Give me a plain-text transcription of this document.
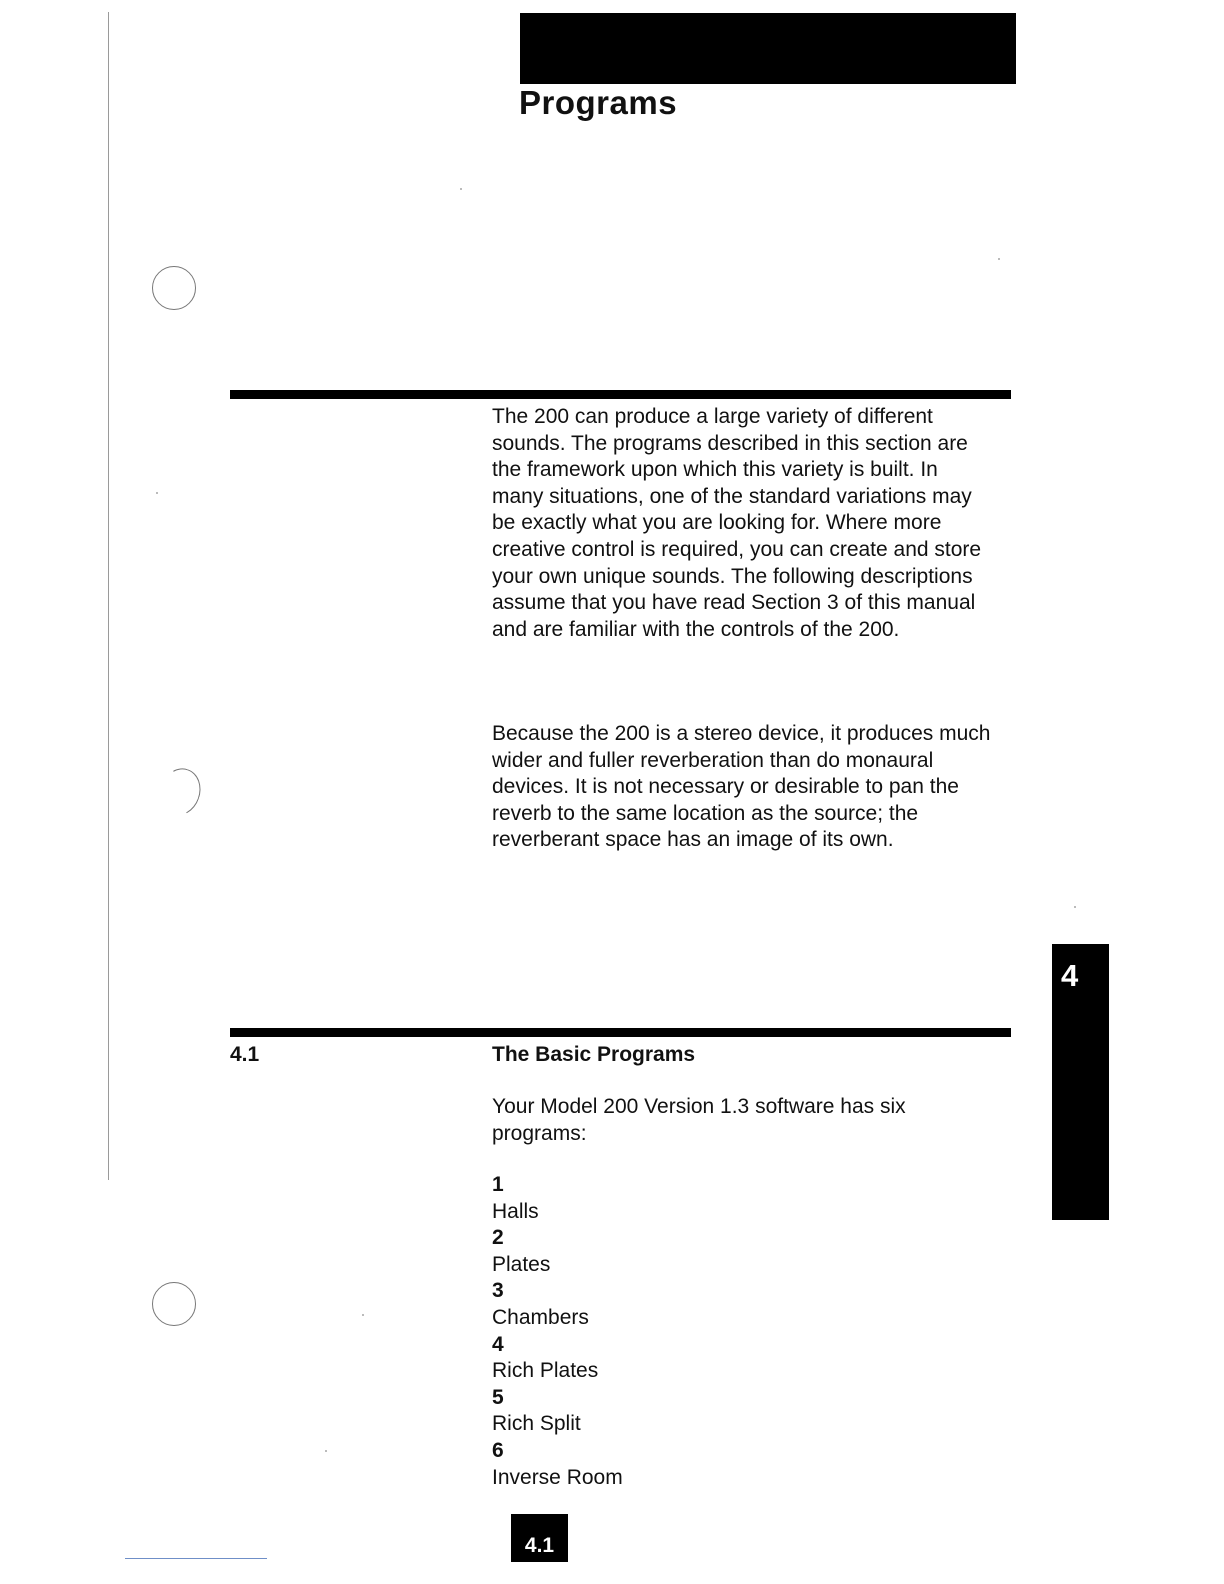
Programs

The 200 can produce a large variety of different sounds. The programs described in this section are the framework upon which this variety is built. In many situations, one of the standard variations may be exactly what you are looking for. Where more creative control is required, you can create and store your own unique sounds. The following descriptions assume that you have read Section 3 of this manual and are familiar with the controls of the 200.

Because the 200 is a stereo device, it produces much wider and fuller reverberation than do monaural devices. It is not necessary or desirable to pan the reverb to the same location as the source; the reverberant space has an image of its own.

4.1	The Basic Programs

Your Model 200 Version 1.3 software has six programs:

1
Halls
2
Plates
3
Chambers
4
Rich Plates
5
Rich Split
6
Inverse Room
4
4.1
